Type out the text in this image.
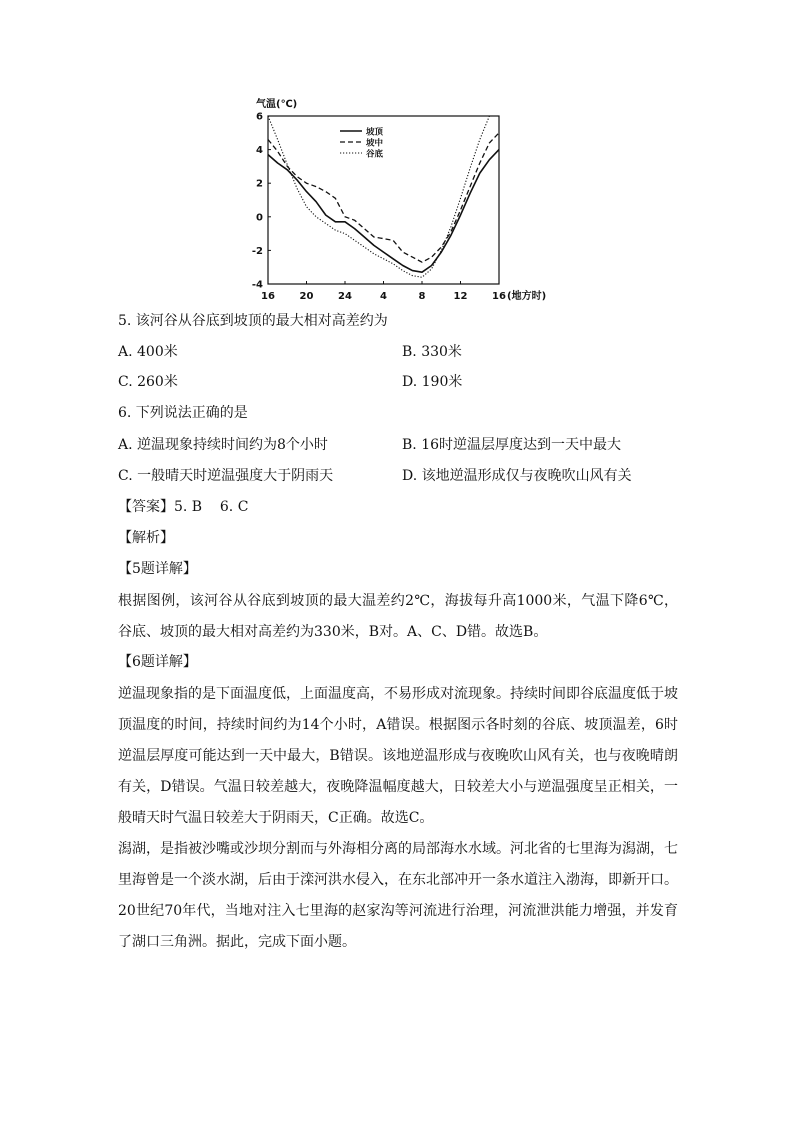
气温(℃)
6
4
2
0
-2
-4
16 20 24	4	8	12 16 (地方时)
坡顶
坡中
谷底
5. 该河谷从谷底到坡顶的最大相对高差约为
A. 400米	B. 330米
C. 260米	D. 190米
6. 下列说法正确的是
A. 逆温现象持续时间约为8个小时	B. 16时逆温层厚度达到一天中最大
C. 一般晴天时逆温强度大于阴雨天	D. 该地逆温形成仅与夜晚吹山风有关
【答案】5. B    6. C
【解析】
【5题详解】

根据图例，该河谷从谷底到坡顶的最大温差约2℃，海拔每升高1000米，气温下降6℃，谷底、坡顶的最大相对高差约为330米，B对。A、C、D错。故选B。

【6题详解】

逆温现象指的是下面温度低，上面温度高，不易形成对流现象。持续时间即谷底温度低于坡顶温度的时间，持续时间约为14个小时，A错误。根据图示各时刻的谷底、坡顶温差，6时逆温层厚度可能达到一天中最大，B错误。该地逆温形成与夜晚吹山风有关，也与夜晚晴朗有关，D错误。气温日较差越大，夜晚降温幅度越大，日较差大小与逆温强度呈正相关，一般晴天时气温日较差大于阴雨天，C正确。故选C。

潟湖，是指被沙嘴或沙坝分割而与外海相分离的局部海水水域。河北省的七里海为潟湖，七里海曾是一个淡水湖，后由于滦河洪水侵入，在东北部冲开一条水道注入渤海，即新开口。20世纪70年代，当地对注入七里海的赵家沟等河流进行治理，河流泄洪能力增强，并发育了湖口三角洲。据此，完成下面小题。
